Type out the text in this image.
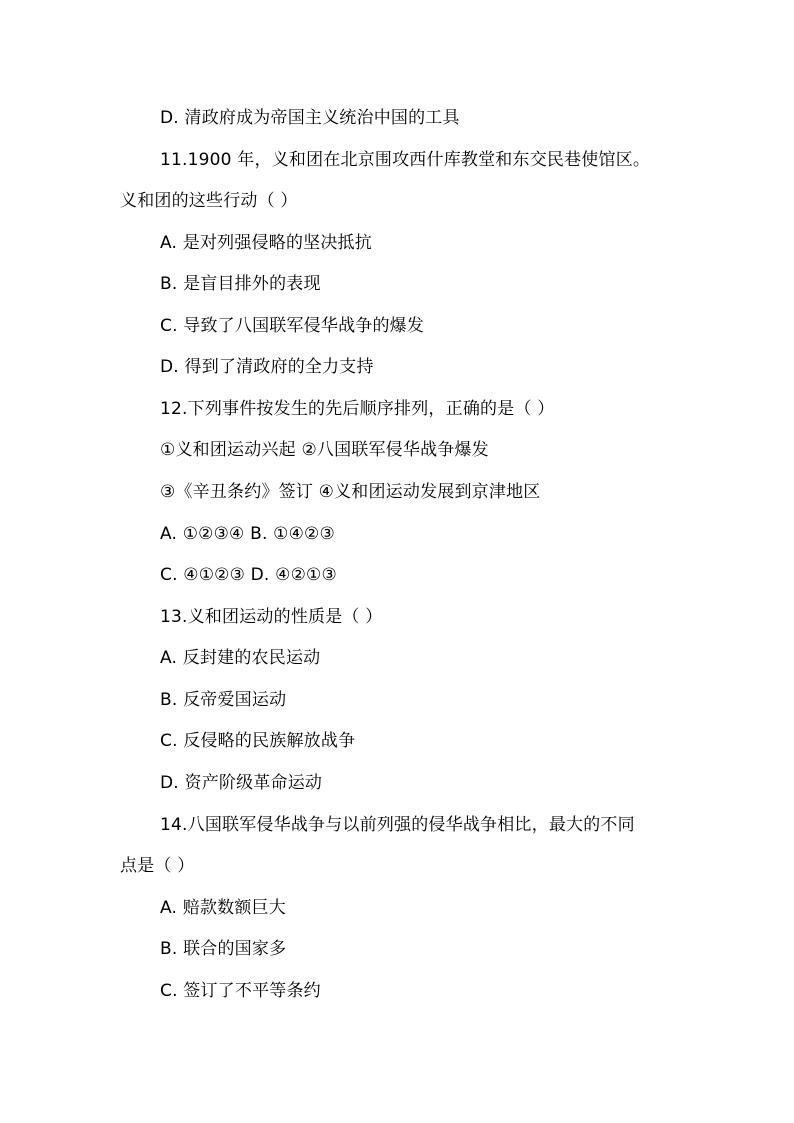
D. 清政府成为帝国主义统治中国的工具
11.1900 年，义和团在北京围攻西什库教堂和东交民巷使馆区。
义和团的这些行动（ ）
A. 是对列强侵略的坚决抵抗
B. 是盲目排外的表现
C. 导致了八国联军侵华战争的爆发
D. 得到了清政府的全力支持
12.下列事件按发生的先后顺序排列，正确的是（ ）
①义和团运动兴起 ②八国联军侵华战争爆发
③《辛丑条约》签订 ④义和团运动发展到京津地区
A. ①②③④ B. ①④②③
C. ④①②③ D. ④②①③
13.义和团运动的性质是（ ）
A. 反封建的农民运动
B. 反帝爱国运动
C. 反侵略的民族解放战争
D. 资产阶级革命运动
14.八国联军侵华战争与以前列强的侵华战争相比，最大的不同
点是（ ）
A. 赔款数额巨大
B. 联合的国家多
C. 签订了不平等条约
